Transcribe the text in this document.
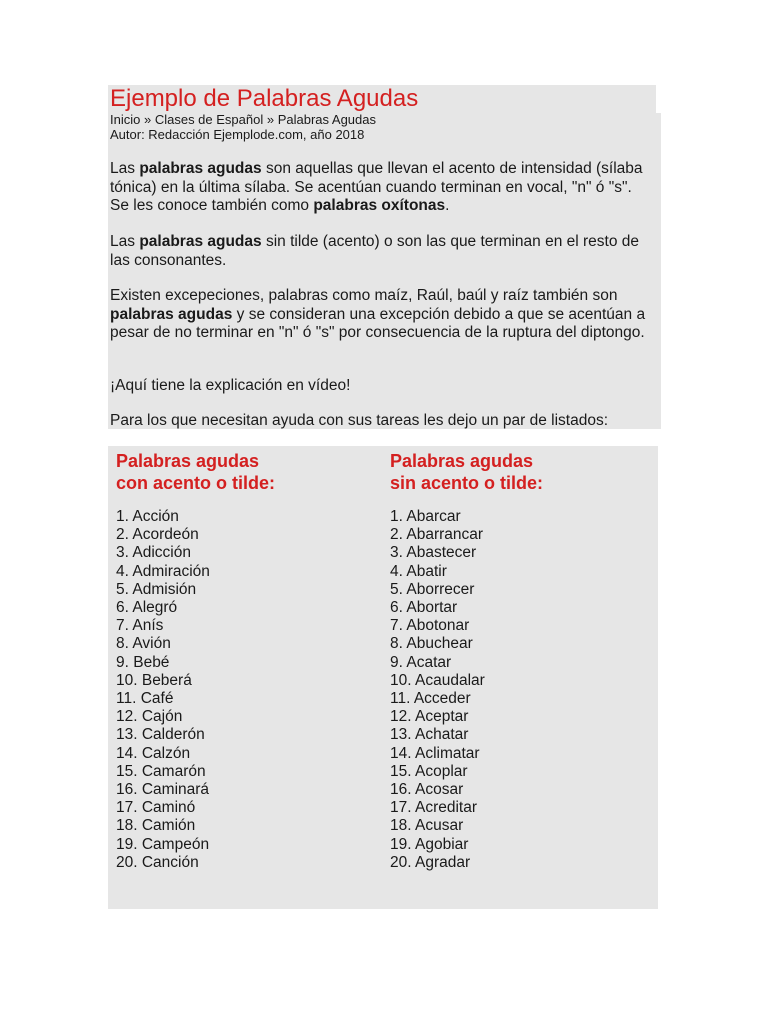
Ejemplo de Palabras Agudas
Inicio » Clases de Español » Palabras Agudas
Autor: Redacción Ejemplode.com, año 2018

Las palabras agudas son aquellas que llevan el acento de intensidad (sílaba tónica) en la última sílaba. Se acentúan cuando terminan en vocal, "n" ó "s". Se les conoce también como palabras oxítonas.

Las palabras agudas sin tilde (acento) o son las que terminan en el resto de las consonantes.

Existen excepeciones, palabras como maíz, Raúl, baúl y raíz también son palabras agudas y se consideran una excepción debido a que se acentúan a pesar de no terminar en "n" ó "s" por consecuencia de la ruptura del diptongo.

¡Aquí tiene la explicación en vídeo!

Para los que necesitan ayuda con sus tareas les dejo un par de listados:

Palabras agudas
con acento o tilde:
1. Acción
2. Acordeón
3. Adicción
4. Admiración
5. Admisión
6. Alegró
7. Anís
8. Avión
9. Bebé
10. Beberá
11. Café
12. Cajón
13. Calderón
14. Calzón
15. Camarón
16. Caminará
17. Caminó
18. Camión
19. Campeón
20. Canción
Palabras agudas
sin acento o tilde:
1. Abarcar
2. Abarrancar
3. Abastecer
4. Abatir
5. Aborrecer
6. Abortar
7. Abotonar
8. Abuchear
9. Acatar
10. Acaudalar
11. Acceder
12. Aceptar
13. Achatar
14. Aclimatar
15. Acoplar
16. Acosar
17. Acreditar
18. Acusar
19. Agobiar
20. Agradar
